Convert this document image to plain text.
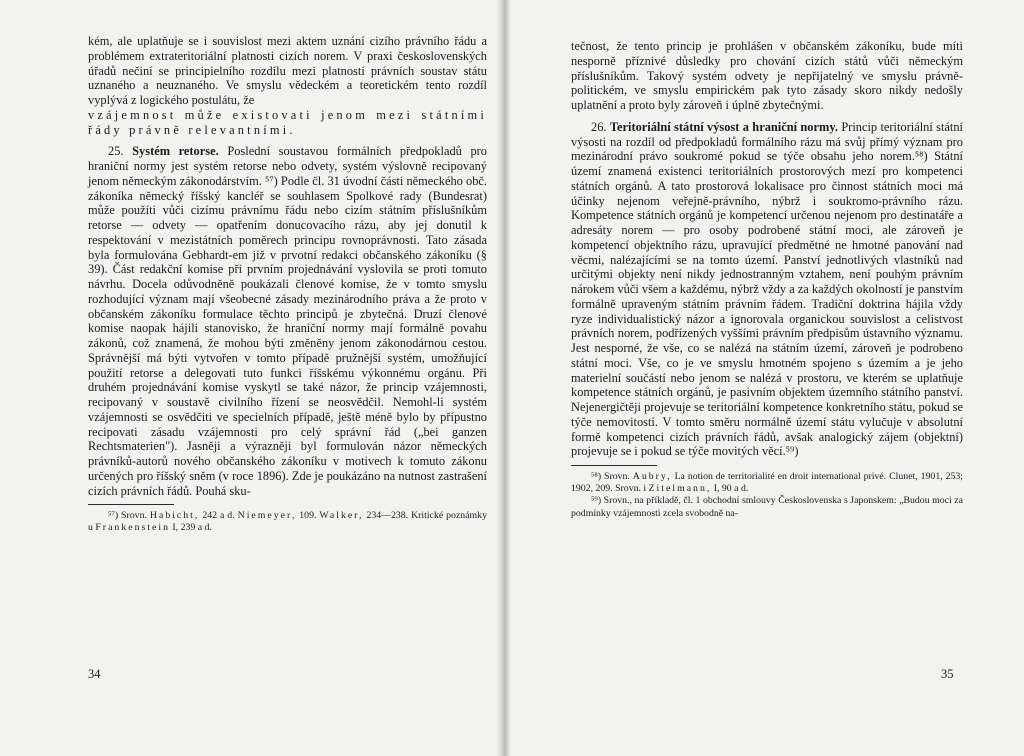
kém, ale uplatňuje se i souvislost mezi aktem uznání cizího právního řádu a problémem extrateritoriální platnosti cizích norem. V praxi československých úřadů nečiní se principielního rozdílu mezi platností právních soustav státu uznaného a neuznaného. Ve smyslu vědeckém a teoretickém tento rozdíl vyplývá z logického postulátu, že

vzájemnost může existovati jenom mezi státními řády právně relevantními.

25. Systém retorse. Poslední soustavou formálních předpokladů pro hraniční normy jest systém retorse nebo odvety, systém výslovně recipovaný jenom německým zákonodárstvím. ⁵⁷) Podle čl. 31 úvodní části německého obč. zákoníka německý říšský kancléř se souhlasem Spolkové rady (Bundesrat) může použíti vůči cizímu právnímu řádu nebo cizím státním příslušníkům retorse — odvety — opatřením donucovacího rázu, aby jej donutil k respektování v mezistátních poměrech principu rovnoprávnosti. Tato zásada byla formulována Gebhardt-em již v prvotní redakci občanského zákoníku (§ 39). Část redakční komise při prvním projednávání vyslovila se proti tomuto návrhu. Docela odůvodněně poukázali členové komise, že v tomto smyslu rozhodující význam mají všeobecné zásady mezinárodního práva a že proto v občanském zákoníku formulace těchto principů je zbytečná. Druzí členové komise naopak hájili stanovisko, že hraniční normy mají formálně povahu zákonů, což znamená, že mohou býti změněny jenom zákonodárnou cestou. Správnější má býti vytvořen v tomto případě pružnější systém, umožňující použití retorse a delegovati tuto funkci říšskému výkonnému orgánu. Při druhém projednávání komise vyskytl se také názor, že princip vzájemnosti, recipovaný v soustavě civilního řízení se neosvědčil. Nemohl-li systém vzájemnosti se osvědčiti ve specielních případě, ještě méně bylo by přípustno recipovati zásadu vzájemnosti pro celý správní řád („bei ganzen Rechtsmaterien"). Jasněji a výrazněji byl formulován názor německých právníků-autorů nového občanského zákoníku v motivech k tomuto zákonu určených pro říšský sněm (v roce 1896). Zde je poukázáno na nutnost zastrašení cizích právních řádů. Pouhá sku-

⁵⁷) Srovn. Habicht, 242 a d. Niemeyer, 109. Walker, 234—238. Kritické poznámky u Frankenstein I, 239 a d.

34

tečnost, že tento princip je prohlášen v občanském zákoníku, bude míti nesporně příznivé důsledky pro chování cizích států vůči německým příslušníkům. Takový systém odvety je nepřijatelný ve smyslu právně-politickém, ve smyslu empirickém pak tyto zásady skoro nikdy nedošly uplatnění a proto byly zároveň i úplně zbytečnými.

26. Teritoriální státní výsost a hraniční normy. Princip teritoriální státní výsosti na rozdíl od předpokladů formálního rázu má svůj přímý význam pro mezinárodní právo soukromé pokud se týče obsahu jeho norem.⁵⁸) Státní území znamená existenci teritoriálních prostorových mezí pro kompetenci státních orgánů. A tato prostorová lokalisace pro činnost státních moci má účinky nejenom veřejně-právního, nýbrž i soukromo-právního rázu. Kompetence státních orgánů je kompetencí určenou nejenom pro destinatáře a adresáty norem — pro osoby podrobené státní moci, ale zároveň je kompetencí objektního rázu, upravující předmětné ne hmotné panování nad věcmi, nalézajícími se na tomto území. Panství jednotlivých vlastníků nad určitými objekty není nikdy jednostranným vztahem, není pouhým právním nárokem vůči všem a každému, nýbrž vždy a za každých okolností je panstvím formálně upraveným státním právním řádem. Tradiční doktrina hájila vždy ryze individualistický názor a ignorovala organickou souvislost a celistvost právních norem, podřízených vyššími právním předpisům ústavního významu. Jest nesporné, že vše, co se nalézá na státním území, zároveň je podrobeno státní moci. Vše, co je ve smyslu hmotném spojeno s územím a je jeho materielní součástí nebo jenom se nalézá v prostoru, ve kterém se uplatňuje kompetence státních orgánů, je pasivním objektem územního státního panství. Nejenergičtěji projevuje se teritoriální kompetence konkretního státu, pokud se týče nemovitostí. V tomto směru normálně území státu vylučuje v absolutní formě kompetenci cizích právních řádů, avšak analogický zájem (objektní) projevuje se i pokud se týče movitých věcí.⁵⁹)

⁵⁸) Srovn. Aubry, La notion de territorialité en droit international privé. Clunet, 1901, 253; 1902, 209. Srovn. i Zitelmann, I, 90 a d.

⁵⁹) Srovn., na příkladě, čl. 1 obchodní smlouvy Československa s Japonskem: „Budou moci za podmínky vzájemnosti zcela svobodně na-

35
